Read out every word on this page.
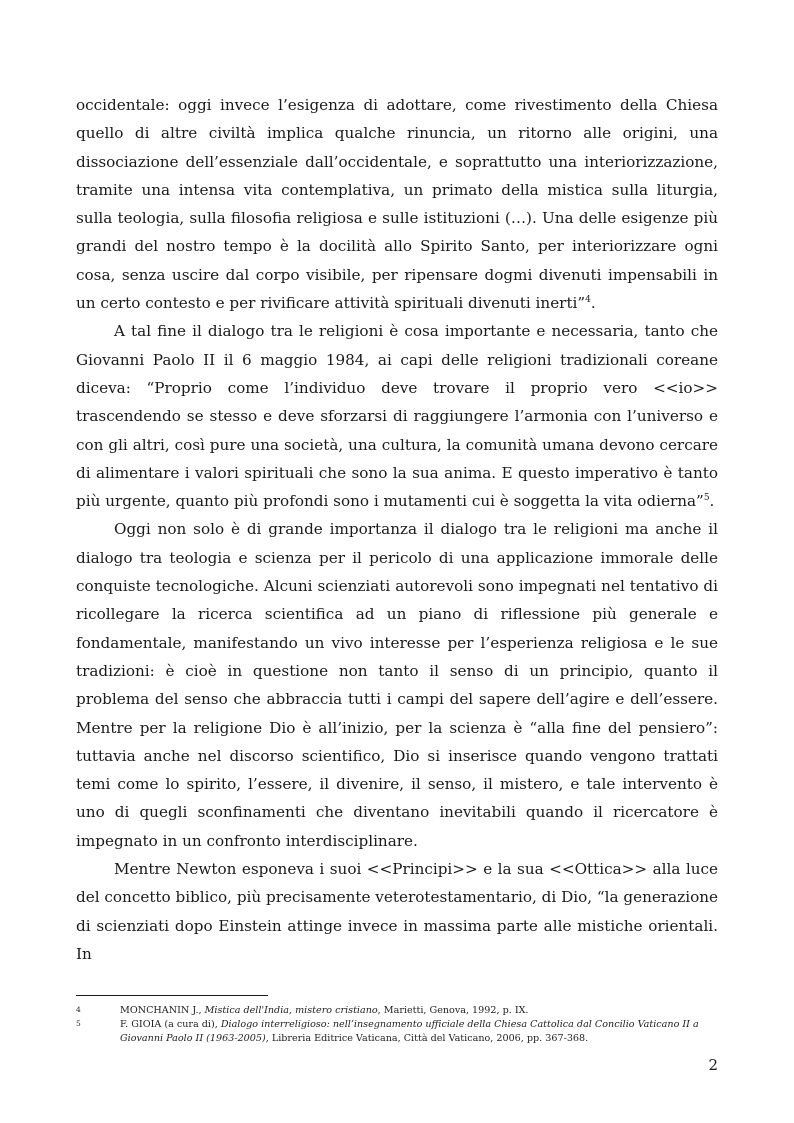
occidentale: oggi invece l’esigenza di adottare, come rivestimento della Chiesa quello di altre civiltà implica qualche rinuncia, un ritorno alle origini, una dissociazione dell’essenziale dall’occidentale, e soprattutto una interiorizzazione, tramite una intensa vita contemplativa, un primato della mistica sulla liturgia, sulla teologia, sulla filosofia religiosa e sulle istituzioni (…). Una delle esigenze più grandi del nostro tempo è la docilità allo Spirito Santo, per interiorizzare ogni cosa, senza uscire dal corpo visibile, per ripensare dogmi divenuti impensabili in un certo contesto e per rivificare attività spirituali divenuti inerti”$^4$.

A tal fine il dialogo tra le religioni è cosa importante e necessaria, tanto che Giovanni Paolo II il 6 maggio 1984, ai capi delle religioni tradizionali coreane diceva: “Proprio come l’individuo deve trovare il proprio vero <<io>> trascendendo se stesso e deve sforzarsi di raggiungere l’armonia con l’universo e con gli altri, così pure una società, una cultura, la comunità umana devono cercare di alimentare i valori spirituali che sono la sua anima. E questo imperativo è tanto più urgente, quanto più profondi sono i mutamenti cui è soggetta la vita odierna”$^5$.

Oggi non solo è di grande importanza il dialogo tra le religioni ma anche il dialogo tra teologia e scienza per il pericolo di una applicazione immorale delle conquiste tecnologiche. Alcuni scienziati autorevoli sono impegnati nel tentativo di ricollegare la ricerca scientifica ad un piano di riflessione più generale e fondamentale, manifestando un vivo interesse per l’esperienza religiosa e le sue tradizioni: è cioè in questione non tanto il senso di un principio, quanto il problema del senso che abbraccia tutti i campi del sapere dell’agire e dell’essere. Mentre per la religione Dio è all’inizio, per la scienza è “alla fine del pensiero”: tuttavia anche nel discorso scientifico, Dio si inserisce quando vengono trattati temi come lo spirito, l’essere, il divenire, il senso, il mistero, e tale intervento è uno di quegli sconfinamenti che diventano inevitabili quando il ricercatore è impegnato in un confronto interdisciplinare.

Mentre Newton esponeva i suoi <<Principi>> e la sua <<Ottica>> alla luce del concetto biblico, più precisamente veterotestamentario, di Dio, “la generazione di scienziati dopo Einstein attinge invece in massima parte alle mistiche orientali. In

4	MONCHANIN J., Mistica dell'India, mistero cristiano, Marietti, Genova, 1992, p. IX.
5	F. GIOIA (a cura di), Dialogo interreligioso: nell’insegnamento ufficiale della Chiesa Cattolica dal Concilio Vaticano II a Giovanni Paolo II (1963-2005), Libreria Editrice Vaticana, Città del Vaticano, 2006, pp. 367-368.
2
